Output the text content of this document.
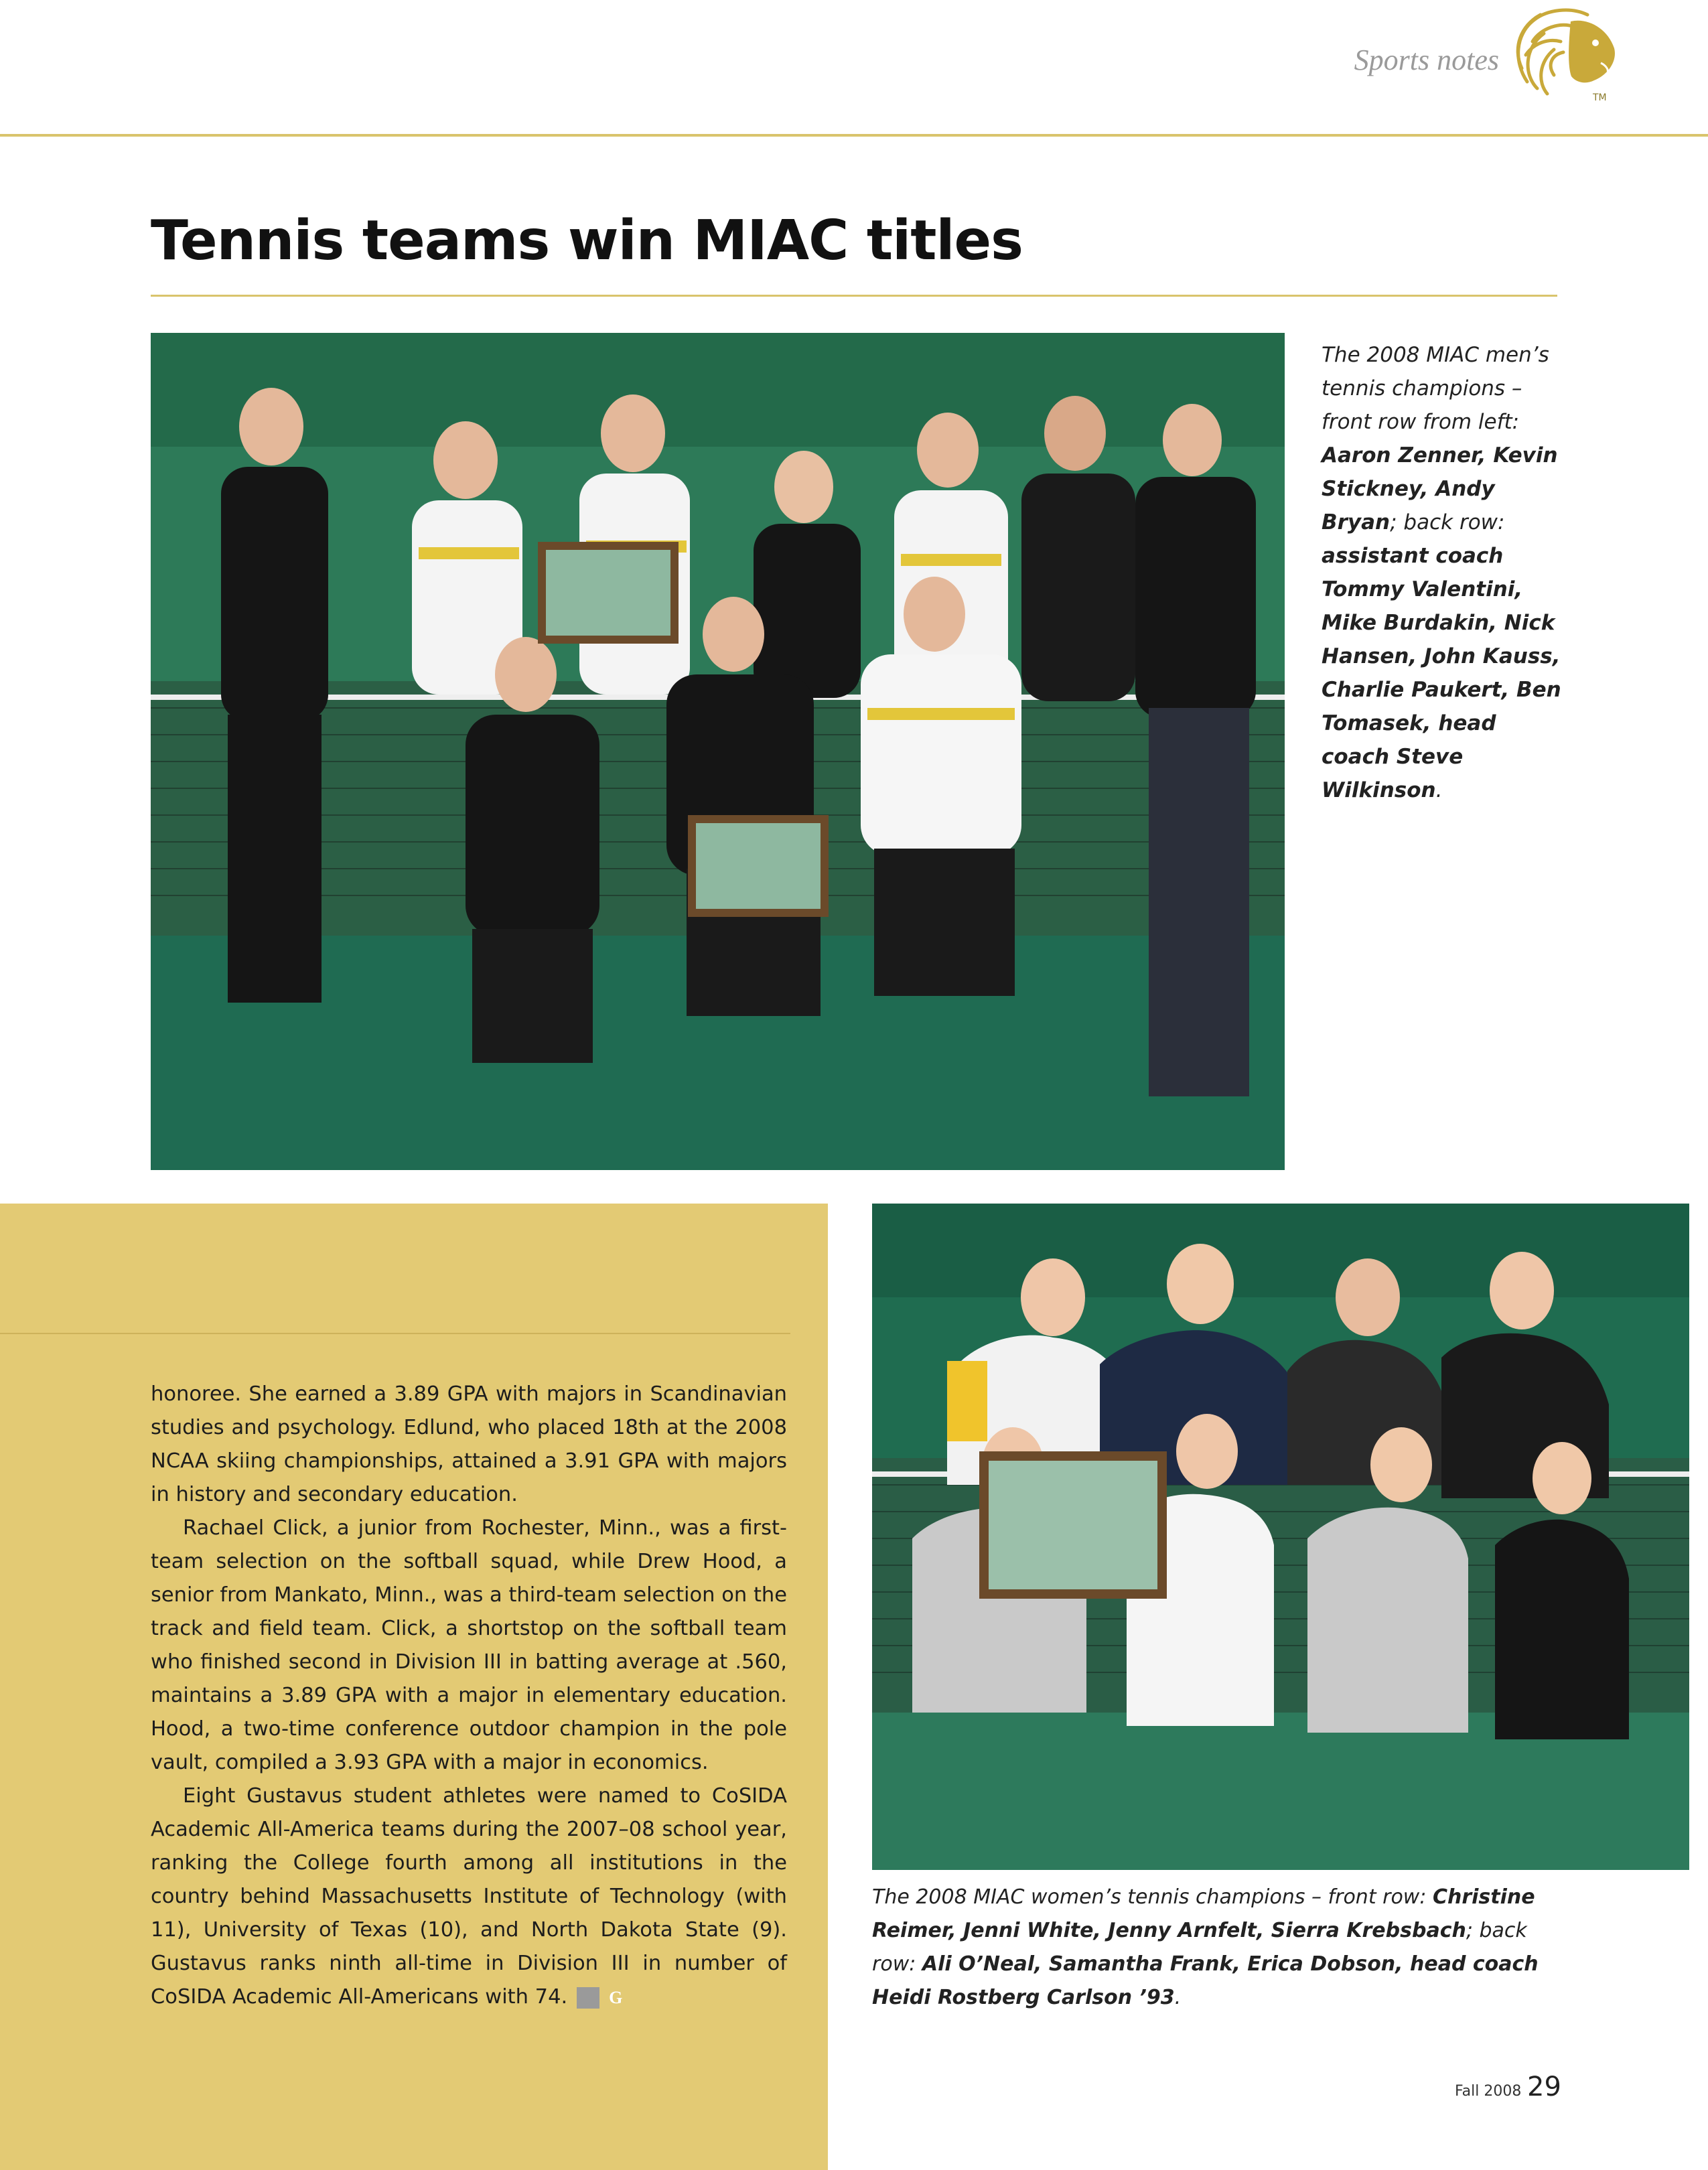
Sports notes
TM
Tennis teams win MIAC titles
The 2008 MIAC men’s tennis champions – front row from left: Aaron Zenner, Kevin Stickney, Andy Bryan; back row: assistant coach Tommy Valentini, Mike Burdakin, Nick Hansen, John Kauss, Charlie Paukert, Ben Tomasek, head coach Steve Wilkinson.

honoree. She earned a 3.89 GPA with majors in Scandinavian studies and psychology. Edlund, who placed 18th at the 2008 NCAA skiing championships, attained a 3.91 GPA with majors in history and secondary education.

Rachael Click, a junior from Rochester, Minn., was a first-team selection on the softball squad, while Drew Hood, a senior from Mankato, Minn., was a third-team selection on the track and field team. Click, a shortstop on the softball team who finished second in Division III in batting average at .560, maintains a 3.89 GPA with a major in elementary education. Hood, a two-time conference outdoor champion in the pole vault, compiled a 3.93 GPA with a major in economics.

Eight Gustavus student athletes were named to CoSIDA Academic All-America teams during the 2007–08 school year, ranking the College fourth among all institutions in the country behind Massachusetts Institute of Technology (with 11), University of Texas (10), and North Dakota State (9). Gustavus ranks ninth all-time in Division III in number of CoSIDA Academic All-Americans with 74. G

The 2008 MIAC women’s tennis champions – front row: Christine Reimer, Jenni White, Jenny Arnfelt, Sierra Krebsbach; back row: Ali O’Neal, Samantha Frank, Erica Dobson, head coach Heidi Rostberg Carlson ’93.
Fall 2008 29
